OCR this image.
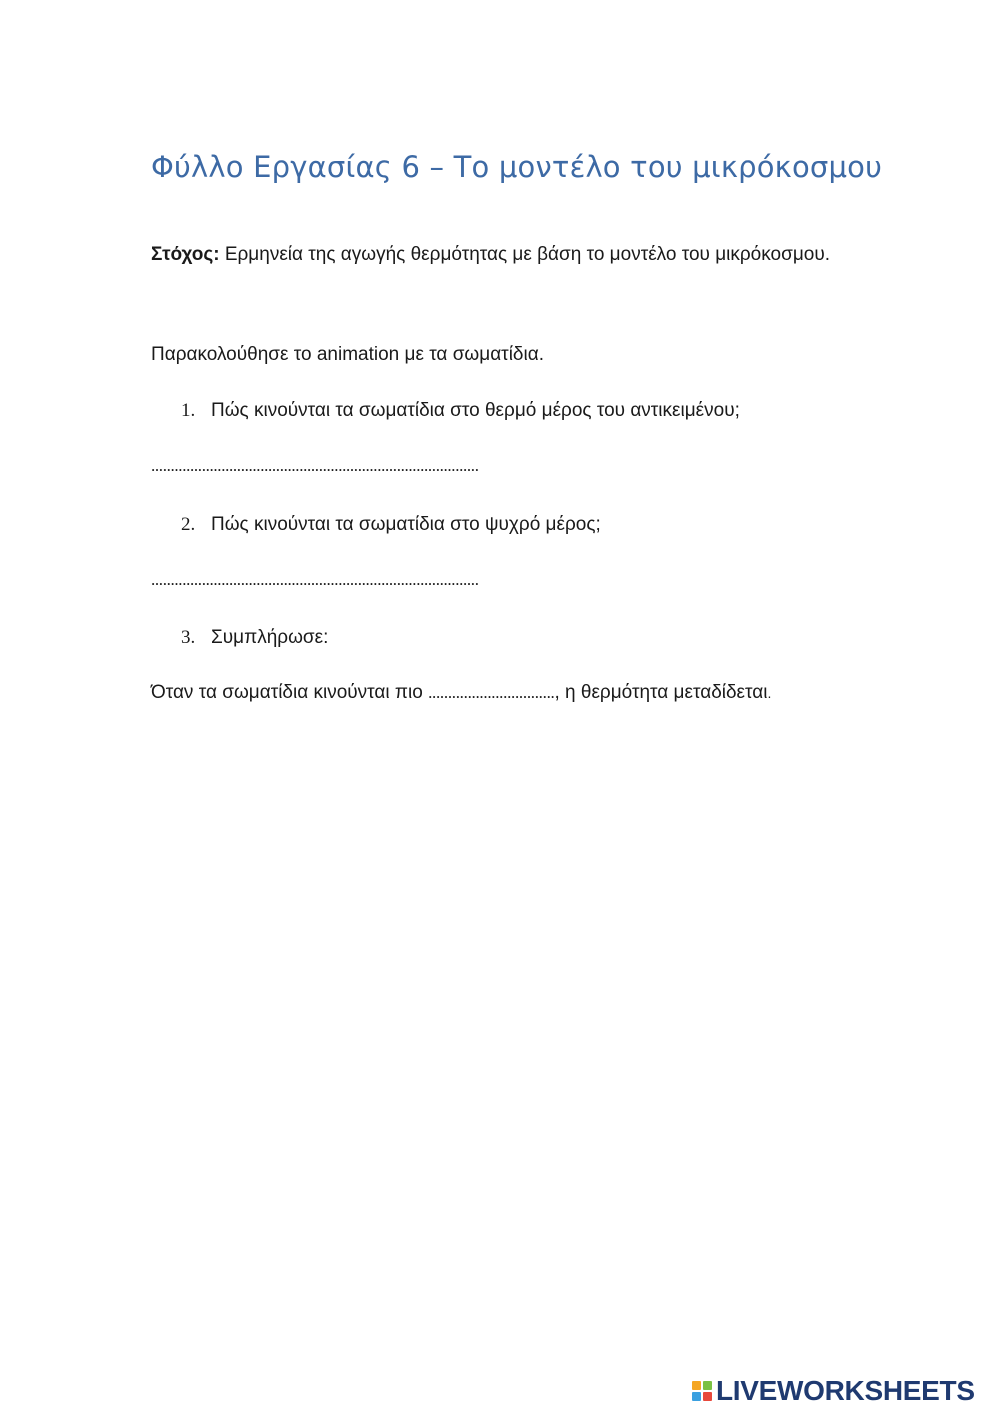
Φύλλο Εργασίας 6 – Το μοντέλο του μικρόκοσμου

Στόχος: Ερμηνεία της αγωγής θερμότητας με βάση το μοντέλο του μικρόκοσμου.

Παρακολούθησε το animation με τα σωματίδια.

1. Πώς κινούνται τα σωματίδια στο θερμό μέρος του αντικειμένου;

....................................................................................

2. Πώς κινούνται τα σωματίδια στο ψυχρό μέρος;

....................................................................................

3. Συμπλήρωσε:

Όταν τα σωματίδια κινούνται πιο ................................, η θερμότητα μεταδίδεται.

LIVEWORKSHEETS
